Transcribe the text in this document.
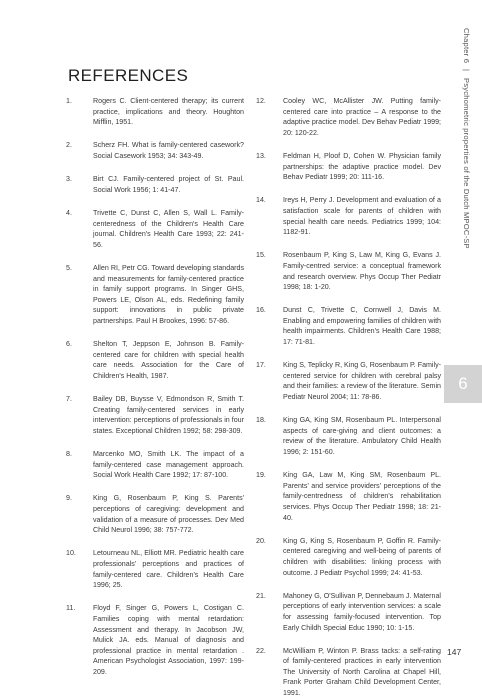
REFERENCES
Chapter 6 | Psychometric properties of the Dutch MPOC-SP
6
1.	Rogers C. Client-centered therapy; its current practice, implications and theory. Houghton Mifflin, 1951.
2.	Scherz FH. What is family-centered casework? Social Casework 1953; 34: 343-49.
3.	Birt CJ. Family-centered project of St. Paul. Social Work 1956; 1: 41-47.
4.	Trivette C, Dunst C, Allen S, Wall L. Family-centeredness of the Children's Health Care journal. Children's Health Care 1993; 22: 241-56.
5.	Allen RI, Petr CG. Toward developing standards and measurements for family-centered practice in family support programs. In Singer GHS, Powers LE, Olson AL, eds. Redefining family support: innovations in public private partnerships. Paul H Brookes, 1996: 57-86.
6.	Shelton T, Jeppson E, Johnson B. Family-centered care for children with special health care needs. Association for the Care of Children's Health, 1987.
7.	Bailey DB, Buysse V, Edmondson R, Smith T. Creating family-centered services in early intervention: perceptions of professionals in four states. Exceptional Children 1992; 58: 298-309.
8.	Marcenko MO, Smith LK. The impact of a family-centered case management approach. Social Work Health Care 1992; 17: 87-100.
9.	King G, Rosenbaum P, King S. Parents' perceptions of caregiving: development and validation of a measure of processes. Dev Med Child Neurol 1996; 38: 757-772.
10. Letourneau NL, Elliott MR. Pediatric health care professionals' perceptions and practices of family-centered care. Children's Health Care 1996; 25.
11. Floyd F, Singer G, Powers L, Costigan C. Families coping with mental retardation: Assessment and therapy. In Jacobson JW, Mulick JA. eds. Manual of diagnosis and professional practice in mental retardation . American Psychologist Association, 1997: 199-209.
12. Cooley WC, McAllister JW. Putting family-centered care into practice – A response to the adaptive practice model. Dev Behav Pediatr 1999; 20: 120-22.
13. Feldman H, Ploof D, Cohen W. Physician family partnerships: the adaptive practice model. Dev Behav Pediatr 1999; 20: 111-16.
14. Ireys H, Perry J. Development and evaluation of a satisfaction scale for parents of children with special health care needs. Pediatrics 1999; 104: 1182-91.
15. Rosenbaum P, King S, Law M, King G, Evans J. Family-centred service: a conceptual framework and research overview. Phys Occup Ther Pediatr 1998; 18: 1-20.
16. Dunst C, Trivette C, Cornwell J, Davis M. Enabling and empowering families of children with health impairments. Children's Health Care 1988; 17: 71-81.
17. King S, Teplicky R, King G, Rosenbaum P. Family-centered service for children with cerebral palsy and their families: a review of the literature. Semin Pediatr Neurol 2004; 11: 78-86.
18. King GA, King SM, Rosenbaum PL. Interpersonal aspects of care-giving and client outcomes: a review of the literature. Ambulatory Child Health 1996; 2: 151-60.
19. King GA, Law M, King SM, Rosenbaum PL. Parents' and service providers' perceptions of the family-centredness of children's rehabilitation services. Phys Occup Ther Pediatr 1998; 18: 21-40.
20. King G, King S, Rosenbaum P, Goffin R. Family-centered caregiving and well-being of parents of children with disabilities: linking process with outcome. J Pediatr Psychol 1999; 24: 41-53.
21. Mahoney G, O'Sullivan P, Dennebaum J. Maternal perceptions of early intervention services: a scale for assessing family-focused intervention. Top Early Childh Special Educ 1990; 10: 1-15.
22. McWilliam P, Winton P. Brass tacks: a self-rating of family-centered practices in early intervention The University of North Carolina at Chapel Hill, Frank Porter Graham Child Development Center, 1991.
147
